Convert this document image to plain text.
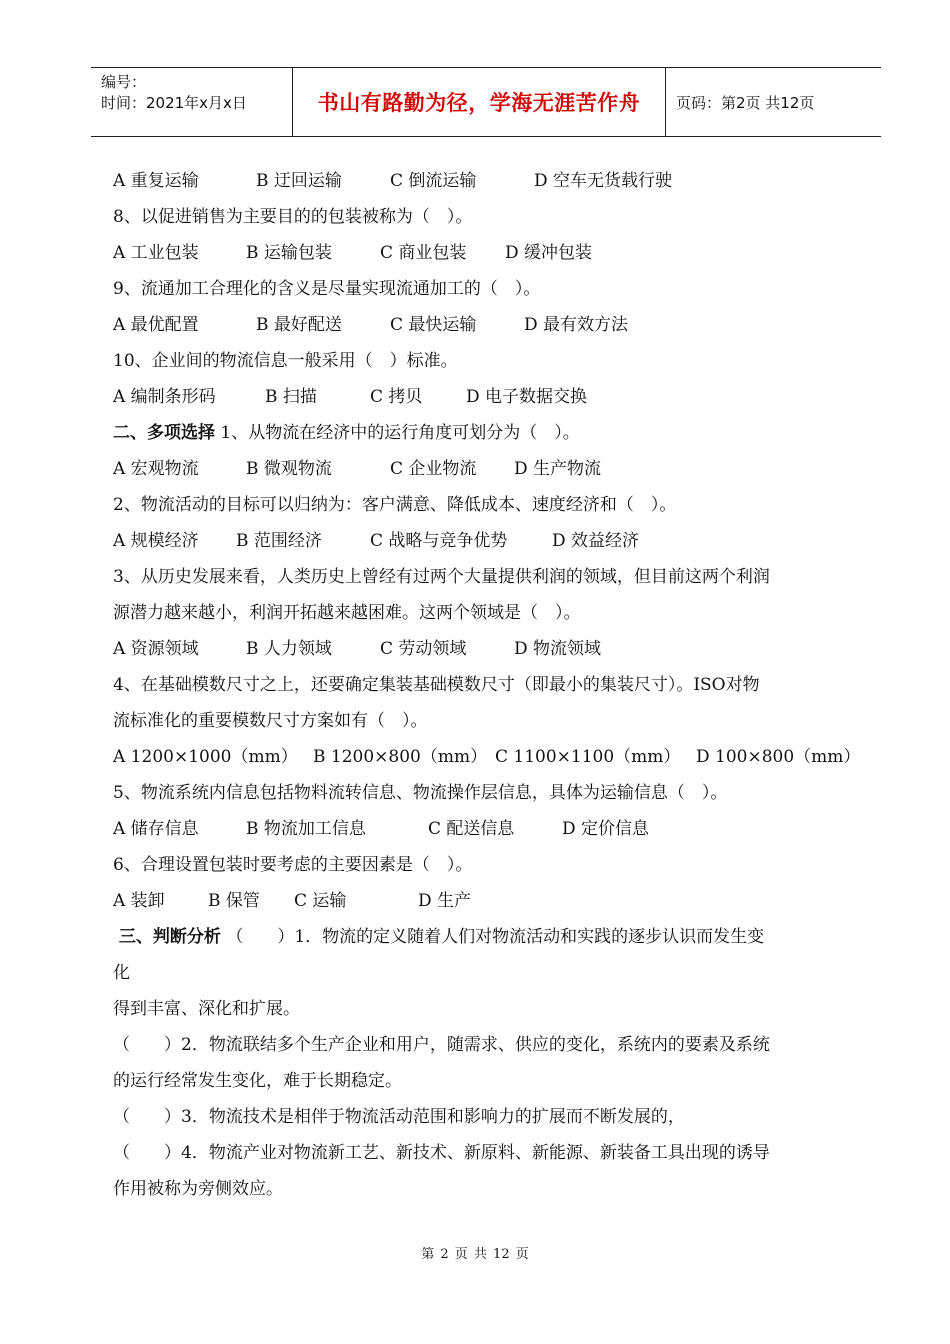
编号：
时间：2021年x月x日	书山有路勤为径，学海无涯苦作舟	页码：第2页 共12页
A 重复运输	B 迂回运输	C 倒流运输	D 空车无货载行驶
8、以促进销售为主要目的的包装被称为（　）。
A 工业包装	B 运输包装	C 商业包装 D 缓冲包装
9、流通加工合理化的含义是尽量实现流通加工的（　）。
A 最优配置	B 最好配送	C 最快运输	D 最有效方法
10、企业间的物流信息一般采用（　）标准。
A 编制条形码	B 扫描	C 拷贝	D 电子数据交换
二、多项选择 1、从物流在经济中的运行角度可划分为（　）。
A 宏观物流	B 微观物流	C 企业物流 D 生产物流
2、物流活动的目标可以归纳为：客户满意、降低成本、速度经济和（　）。
A 规模经济 B 范围经济	C 战略与竞争优势	D 效益经济
3、从历史发展来看，人类历史上曾经有过两个大量提供利润的领域，但目前这两个利润
源潜力越来越小，利润开拓越来越困难。这两个领域是（　）。
A 资源领域	B 人力领域	C 劳动领域	D 物流领域
4、在基础模数尺寸之上，还要确定集装基础模数尺寸（即最小的集装尺寸）。ISO对物
流标准化的重要模数尺寸方案如有（　）。
A 1200×1000（mm） B 1200×800（mm） C 1100×1100（mm） D 100×800（mm）
5、物流系统内信息包括物料流转信息、物流操作层信息，具体为运输信息（　）。
A 储存信息	B 物流加工信息	C 配送信息	D 定价信息
6、合理设置包装时要考虑的主要因素是（　）。
A 装卸	B 保管 C 运输	D 生产
三、判断分析 （　　）1．物流的定义随着人们对物流活动和实践的逐步认识而发生变
化
得到丰富、深化和扩展。
（　　）2．物流联结多个生产企业和用户，随需求、供应的变化，系统内的要素及系统
的运行经常发生变化，难于长期稳定。
（　　）3．物流技术是相伴于物流活动范围和影响力的扩展而不断发展的，
（　　）4．物流产业对物流新工艺、新技术、新原料、新能源、新装备工具出现的诱导
作用被称为旁侧效应。
第 2 页 共 12 页
